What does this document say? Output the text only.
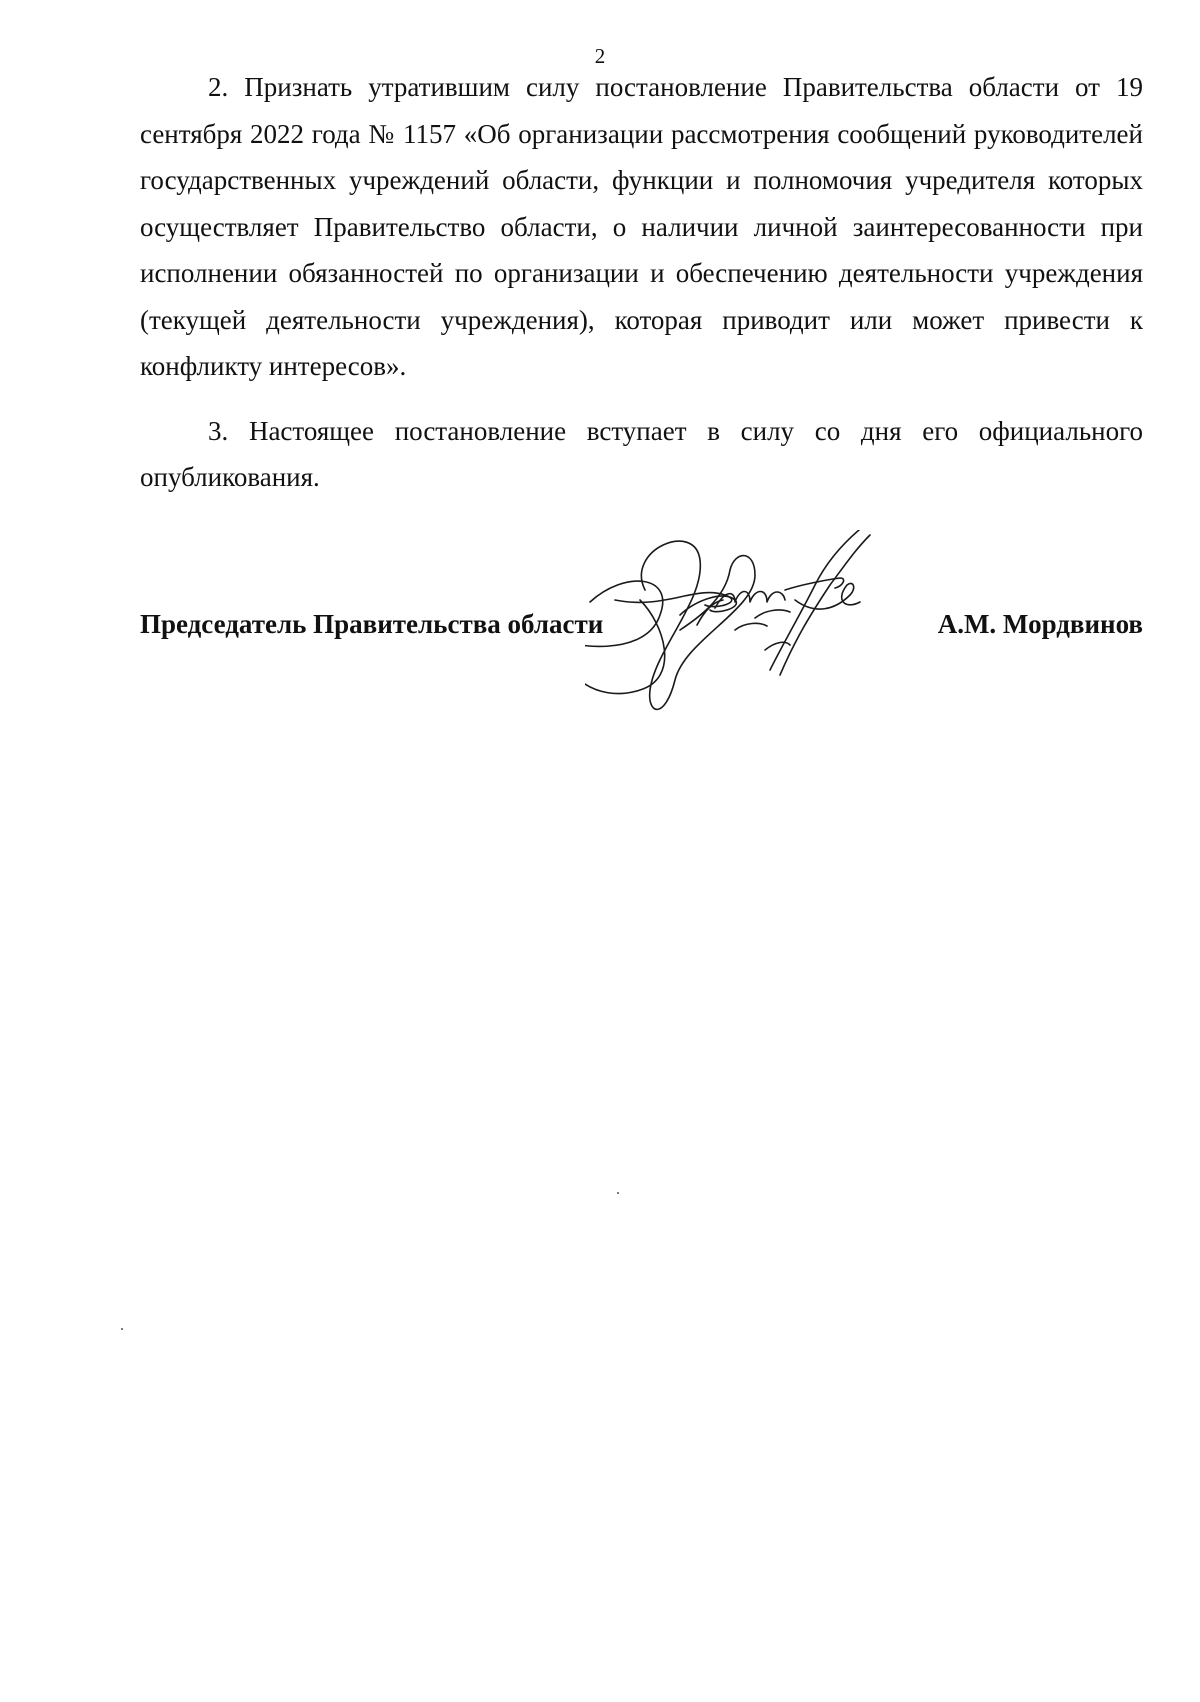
2

2. Признать утратившим силу постановление Правительства области от 19 сентября 2022 года № 1157 «Об организации рассмотрения сообщений руководителей государственных учреждений области, функции и полномочия учредителя которых осуществляет Правительство области, о наличии личной заинтересованности при исполнении обязанностей по организации и обеспечению деятельности учреждения (текущей деятельности учреждения), которая приводит или может привести к конфликту интересов».

3. Настоящее постановление вступает в силу со дня его официального опубликования.

Председатель Правительства области	А.М. Мордвинов
